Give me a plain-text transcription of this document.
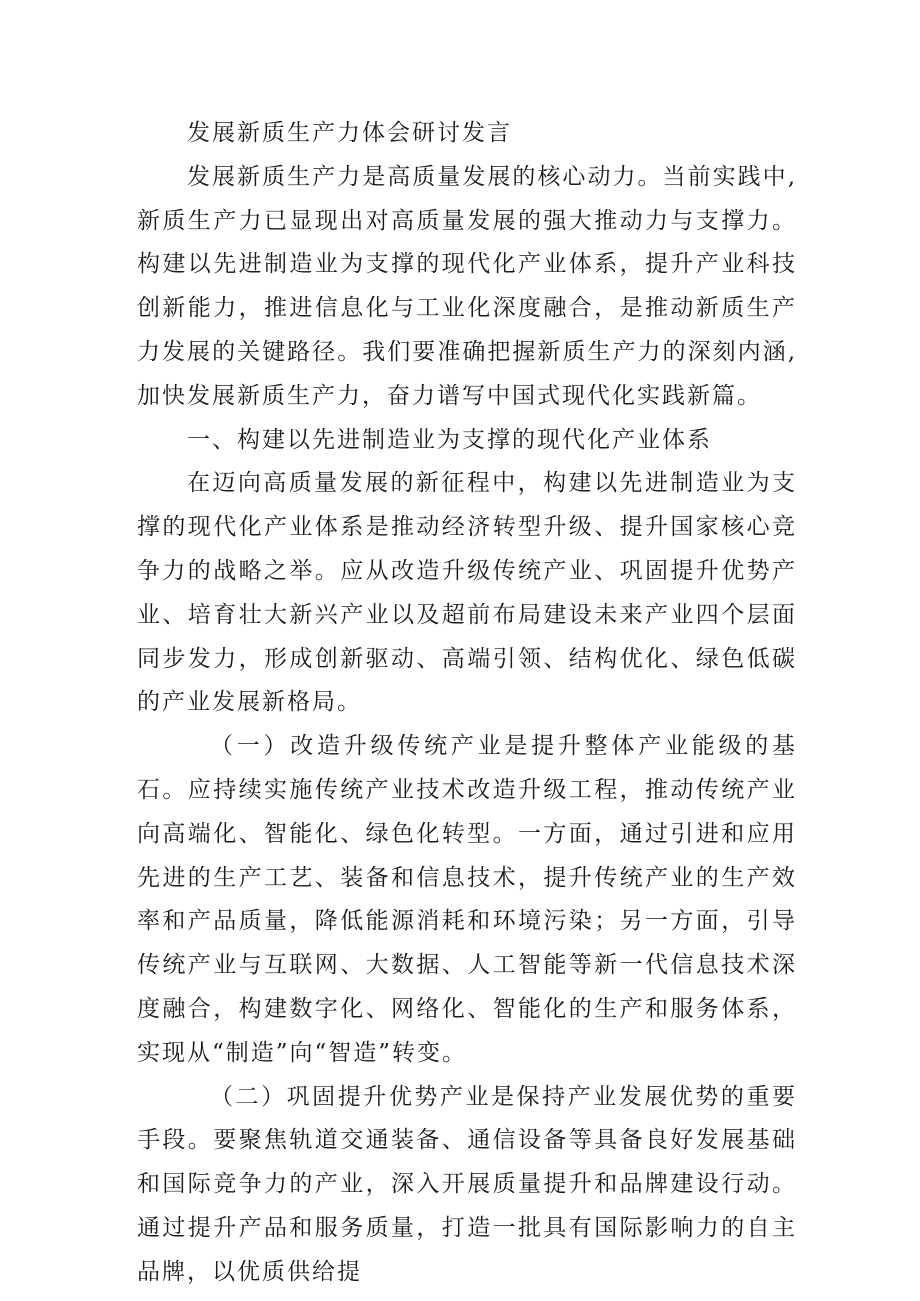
发展新质生产力体会研讨发言

发展新质生产力是高质量发展的核心动力。当前实践中,新质生产力已显现出对高质量发展的强大推动力与支撑力。构建以先进制造业为支撑的现代化产业体系，提升产业科技创新能力，推进信息化与工业化深度融合，是推动新质生产力发展的关键路径。我们要准确把握新质生产力的深刻内涵,加快发展新质生产力，奋力谱写中国式现代化实践新篇。

一、构建以先进制造业为支撑的现代化产业体系

在迈向高质量发展的新征程中，构建以先进制造业为支撑的现代化产业体系是推动经济转型升级、提升国家核心竞争力的战略之举。应从改造升级传统产业、巩固提升优势产业、培育壮大新兴产业以及超前布局建设未来产业四个层面同步发力，形成创新驱动、高端引领、结构优化、绿色低碳的产业发展新格局。

（一）改造升级传统产业是提升整体产业能级的基石。应持续实施传统产业技术改造升级工程，推动传统产业向高端化、智能化、绿色化转型。一方面，通过引进和应用先进的生产工艺、装备和信息技术，提升传统产业的生产效率和产品质量，降低能源消耗和环境污染；另一方面，引导传统产业与互联网、大数据、人工智能等新一代信息技术深度融合，构建数字化、网络化、智能化的生产和服务体系，实现从“制造”向“智造”转变。

（二）巩固提升优势产业是保持产业发展优势的重要手段。要聚焦轨道交通装备、通信设备等具备良好发展基础和国际竞争力的产业，深入开展质量提升和品牌建设行动。通过提升产品和服务质量，打造一批具有国际影响力的自主品牌，以优质供给提
